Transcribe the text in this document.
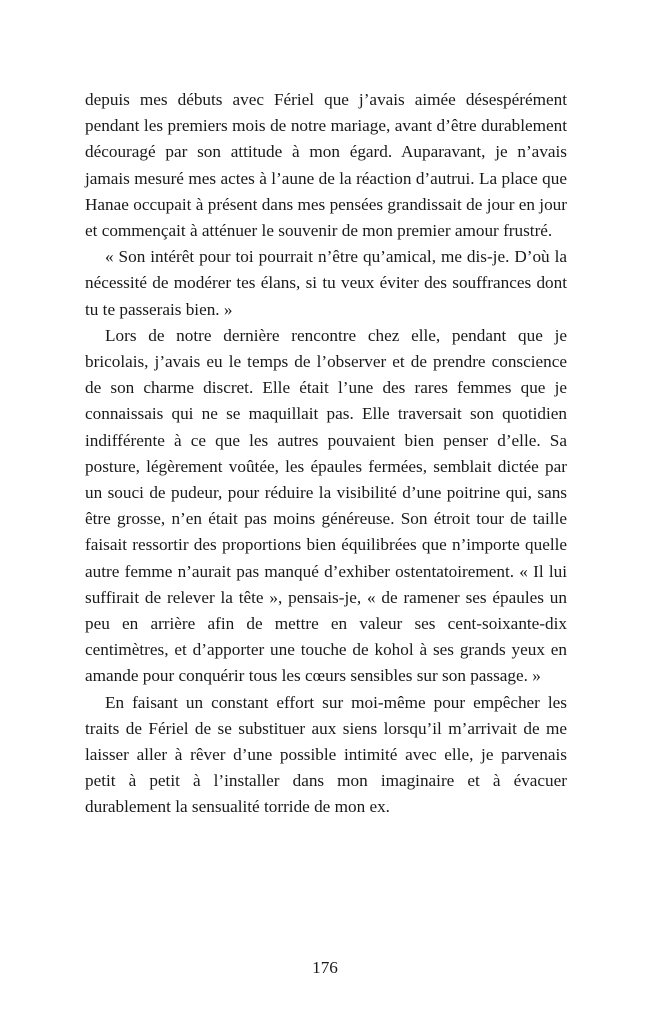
depuis mes débuts avec Fériel que j’avais aimée désespérément pendant les premiers mois de notre mariage, avant d’être durablement découragé par son attitude à mon égard. Auparavant, je n’avais jamais mesuré mes actes à l’aune de la réaction d’autrui. La place que Hanae occupait à présent dans mes pensées grandissait de jour en jour et commençait à atténuer le souvenir de mon premier amour frustré.

« Son intérêt pour toi pourrait n’être qu’amical, me dis-je. D’où la nécessité de modérer tes élans, si tu veux éviter des souffrances dont tu te passerais bien. »

Lors de notre dernière rencontre chez elle, pendant que je bricolais, j’avais eu le temps de l’observer et de prendre conscience de son charme discret. Elle était l’une des rares femmes que je connaissais qui ne se maquillait pas. Elle traversait son quotidien indifférente à ce que les autres pouvaient bien penser d’elle. Sa posture, légèrement voûtée, les épaules fermées, semblait dictée par un souci de pudeur, pour réduire la visibilité d’une poitrine qui, sans être grosse, n’en était pas moins généreuse. Son étroit tour de taille faisait ressortir des proportions bien équilibrées que n’importe quelle autre femme n’aurait pas manqué d’exhiber ostentatoirement. « Il lui suffirait de relever la tête », pensais-je, « de ramener ses épaules un peu en arrière afin de mettre en valeur ses cent-soixante-dix centimètres, et d’apporter une touche de kohol à ses grands yeux en amande pour conquérir tous les cœurs sensibles sur son passage. »

En faisant un constant effort sur moi-même pour empêcher les traits de Fériel de se substituer aux siens lorsqu’il m’arrivait de me laisser aller à rêver d’une possible intimité avec elle, je parvenais petit à petit à l’installer dans mon imaginaire et à évacuer durablement la sensualité torride de mon ex.

176
